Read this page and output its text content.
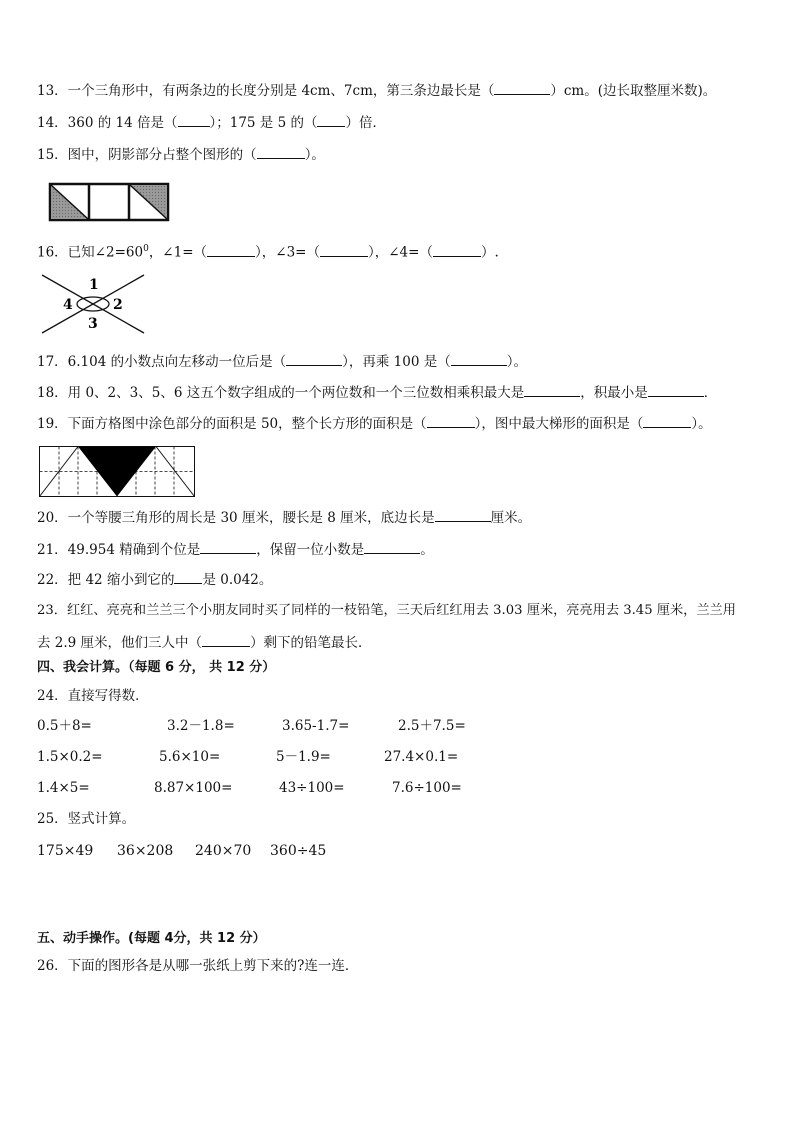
13．一个三角形中，有两条边的长度分别是 4cm、7cm，第三条边最长是（	）cm。(边长取整厘米数)。
14．360 的 14 倍是（ ）；175 是 5 的（ ）倍．
15．图中，阴影部分占整个图形的（	）。
16．已知$\angle 2=60^0$，∠1=（	），∠3=（	），∠4=（	）.
1
2
3
4
17．6.104 的小数点向左移动一位后是（	），再乘 100 是（	）。
18．用 0、2、3、5、6 这五个数字组成的一个两位数和一个三位数相乘积最大是	，积最小是	．
19．下面方格图中涂色部分的面积是 50，整个长方形的面积是（	），图中最大梯形的面积是（	）。
20．一个等腰三角形的周长是 30 厘米，腰长是 8 厘米，底边长是	厘米。
21．49.954 精确到个位是	，保留一位小数是	。
22．把 42 缩小到它的 是 0.042。
23．红红、亮亮和兰兰三个小朋友同时买了同样的一枝铅笔，三天后红红用去 3.03 厘米，亮亮用去 3.45 厘米，兰兰用
去 2.9 厘米，他们三人中（	）剩下的铅笔最长．
四、我会计算。（每题 6 分， 共 12 分）
24．直接写得数．
0.5＋8=	3.2－1.8=	3.65-1.7=	2.5＋7.5=
1.5×0.2=	5.6×10=	5－1.9=	27.4×0.1=
1.4×5=	8.87×100=	43÷100=	7.6÷100=
25．竖式计算。
175×49 36×208 240×70 360÷45
五、动手操作。(每题 4分，共 12 分）
26．下面的图形各是从哪一张纸上剪下来的?连一连．
